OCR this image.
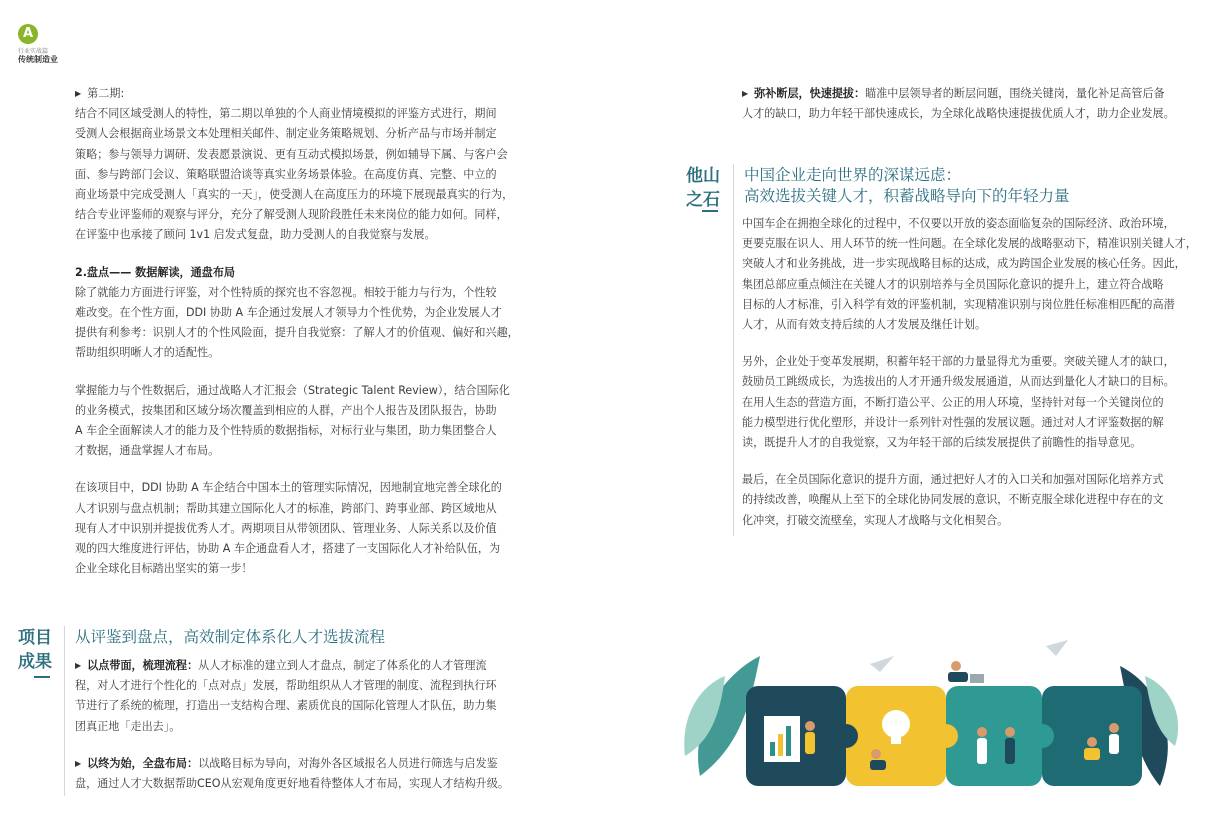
A
行业实战篇
传统制造业

▶ 第二期:

结合不同区域受测人的特性，第二期以单独的个人商业情境模拟的评鉴方式进行，期间

受测人会根据商业场景文本处理相关邮件、制定业务策略规划、分析产品与市场并制定

策略；参与领导力调研、发表愿景演说、更有互动式模拟场景，例如辅导下属、与客户会

面、参与跨部门会议、策略联盟洽谈等真实业务场景体验。在高度仿真、完整、中立的

商业场景中完成受测人「真实的一天」，使受测人在高度压力的环境下展现最真实的行为，

结合专业评鉴师的观察与评分，充分了解受测人现阶段胜任未来岗位的能力如何。同样，

在评鉴中也承接了顾问 1v1 启发式复盘，助力受测人的自我觉察与发展。

2.盘点—— 数据解读，通盘布局

除了就能力方面进行评鉴，对个性特质的探究也不容忽视。相较于能力与行为，个性较

难改变。在个性方面，DDI 协助 A 车企通过发展人才领导力个性优势，为企业发展人才

提供有利参考：识别人才的个性风险面，提升自我觉察：了解人才的价值观、偏好和兴趣，

帮助组织明晰人才的适配性。

掌握能力与个性数据后，通过战略人才汇报会（Strategic Talent Review），结合国际化

的业务模式，按集团和区域分场次覆盖到相应的人群，产出个人报告及团队报告，协助

A 车企全面解读人才的能力及个性特质的数据指标，对标行业与集团，助力集团整合人

才数据，通盘掌握人才布局。

在该项目中，DDI 协助 A 车企结合中国本土的管理实际情况，因地制宜地完善全球化的

人才识别与盘点机制；帮助其建立国际化人才的标准，跨部门、跨事业部、跨区域地从

现有人才中识别并提拔优秀人才。两期项目从带领团队、管理业务、人际关系以及价值

观的四大维度进行评估，协助 A 车企通盘看人才，搭建了一支国际化人才补给队伍，为

企业全球化目标踏出坚实的第一步！

项目
成果
从评鉴到盘点，高效制定体系化人才选拔流程

▶ 以点带面，梳理流程：从人才标准的建立到人才盘点，制定了体系化的人才管理流

程，对人才进行个性化的「点对点」发展，帮助组织从人才管理的制度、流程到执行环

节进行了系统的梳理，打造出一支结构合理、素质优良的国际化管理人才队伍，助力集

团真正地「走出去」。

▶ 以终为始，全盘布局：以战略目标为导向，对海外各区域报名人员进行筛选与启发鉴

盘，通过人才大数据帮助CEO从宏观角度更好地看待整体人才布局，实现人才结构升级。

▶ 弥补断层，快速提拔：瞄准中层领导者的断层问题，围绕关键岗，量化补足高管后备

人才的缺口，助力年轻干部快速成长，为全球化战略快速提拔优质人才，助力企业发展。

他山
之石
中国企业走向世界的深谋远虑：
高效选拔关键人才，积蓄战略导向下的年轻力量

中国车企在拥抱全球化的过程中，不仅要以开放的姿态面临复杂的国际经济、政治环境，

更要克服在识人、用人环节的统一性问题。在全球化发展的战略驱动下，精准识别关键人才，

突破人才和业务挑战，进一步实现战略目标的达成，成为跨国企业发展的核心任务。因此，

集团总部应重点倾注在关键人才的识别培养与全员国际化意识的提升上，建立符合战略

目标的人才标准，引入科学有效的评鉴机制，实现精准识别与岗位胜任标准相匹配的高潜

人才，从而有效支持后续的人才发展及继任计划。

另外，企业处于变革发展期，积蓄年轻干部的力量显得尤为重要。突破关键人才的缺口，

鼓励员工跳级成长，为选拔出的人才开通升级发展通道，从而达到量化人才缺口的目标。

在用人生态的营造方面，不断打造公平、公正的用人环境，坚持针对每一个关键岗位的

能力模型进行优化塑形，并设计一系列针对性强的发展议题。通过对人才评鉴数据的解

读，既提升人才的自我觉察，又为年轻干部的后续发展提供了前瞻性的指导意见。

最后，在全员国际化意识的提升方面，通过把好人才的入口关和加强对国际化培养方式

的持续改善，唤醒从上至下的全球化协同发展的意识，不断克服全球化进程中存在的文

化冲突，打破交流壁垒，实现人才战略与文化相契合。
